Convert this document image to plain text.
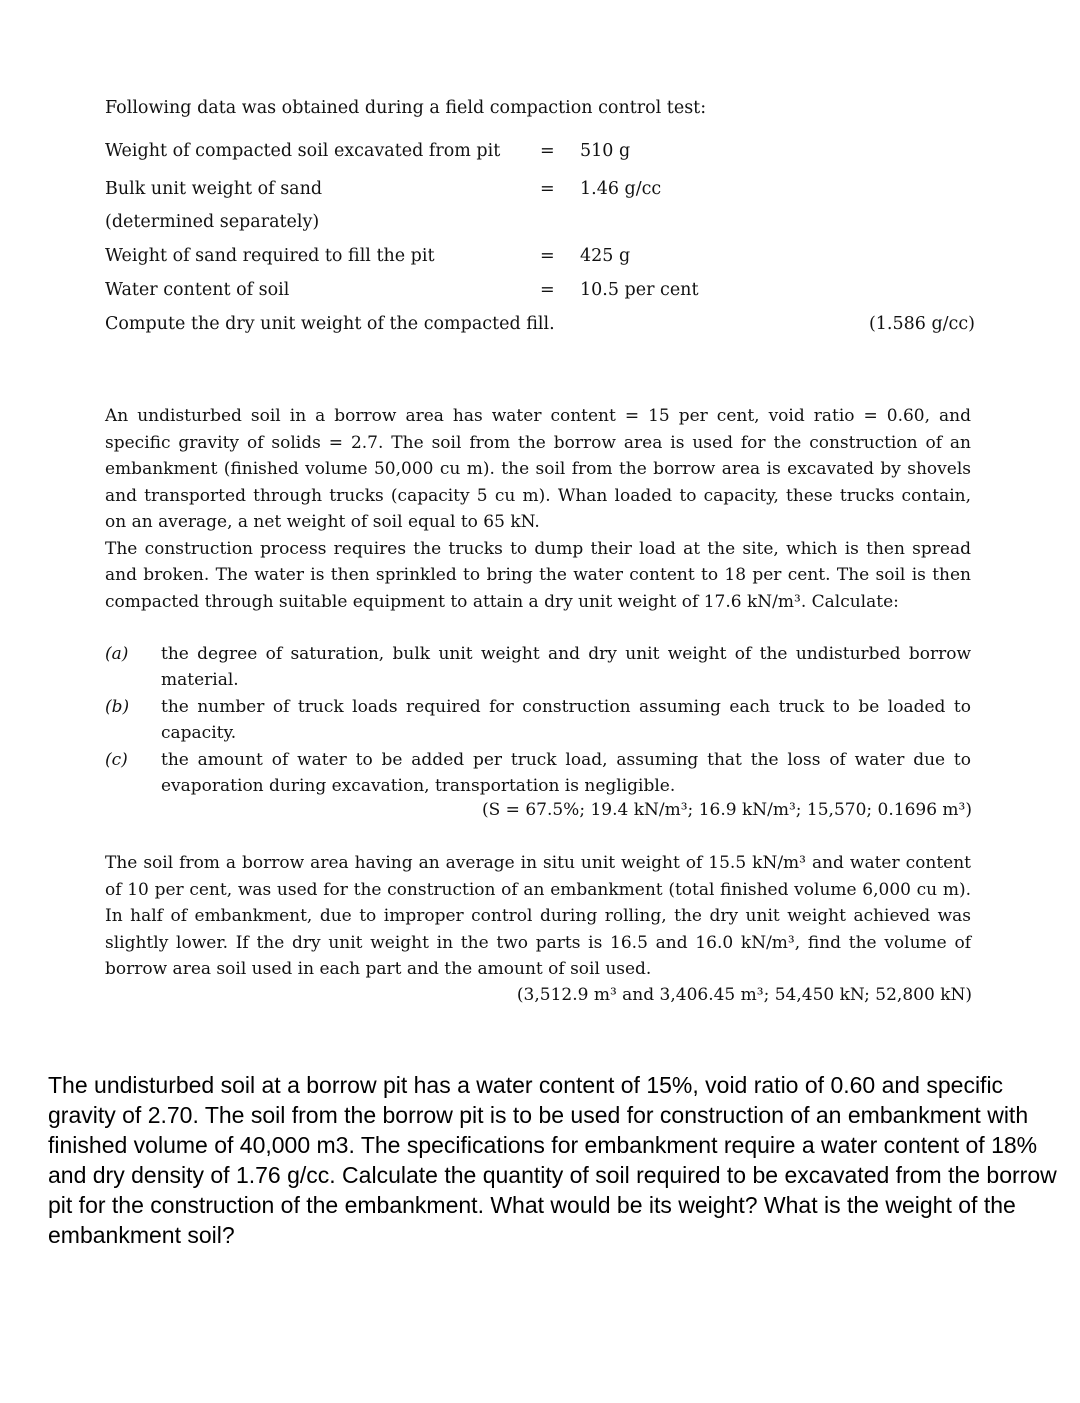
Following data was obtained during a field compaction control test:
Weight of compacted soil excavated from pit = 510 g
Bulk unit weight of sand	= 1.46 g/cc
(determined separately)
Weight of sand required to fill the pit	= 425 g
Water content of soil	= 10.5 per cent
Compute the dry unit weight of the compacted fill.	(1.586 g/cc)

An undisturbed soil in a borrow area has water content = 15 per cent, void ratio = 0.60, and specific gravity of solids = 2.7. The soil from the borrow area is used for the construction of an embankment (finished volume 50,000 cu m). the soil from the borrow area is excavated by shovels and transported through trucks (capacity 5 cu m). Whan loaded to capacity, these trucks contain, on an average, a net weight of soil equal to 65 kN.

The construction process requires the trucks to dump their load at the site, which is then spread and broken. The water is then sprinkled to bring the water content to 18 per cent. The soil is then compacted through suitable equipment to attain a dry unit weight of 17.6 kN/m³. Calculate:

(a) the degree of saturation, bulk unit weight and dry unit weight of the undisturbed borrow material.
(b) the number of truck loads required for construction assuming each truck to be loaded to capacity.
(c) the amount of water to be added per truck load, assuming that the loss of water due to evaporation during excavation, transportation is negligible.
(S = 67.5%; 19.4 kN/m³; 16.9 kN/m³; 15,570; 0.1696 m³)

The soil from a borrow area having an average in situ unit weight of 15.5 kN/m³ and water content of 10 per cent, was used for the construction of an embankment (total finished volume 6,000 cu m). In half of embankment, due to improper control during rolling, the dry unit weight achieved was slightly lower. If the dry unit weight in the two parts is 16.5 and 16.0 kN/m³, find the volume of borrow area soil used in each part and the amount of soil used.

(3,512.9 m³ and 3,406.45 m³; 54,450 kN; 52,800 kN)
The undisturbed soil at a borrow pit has a water content of 15%, void ratio of 0.60 and specific gravity of 2.70. The soil from the borrow pit is to be used for construction of an embankment with finished volume of 40,000 m3. The specifications for embankment require a water content of 18% and dry density of 1.76 g/cc. Calculate the quantity of soil required to be excavated from the borrow pit for the construction of the embankment. What would be its weight? What is the weight of the embankment soil?
